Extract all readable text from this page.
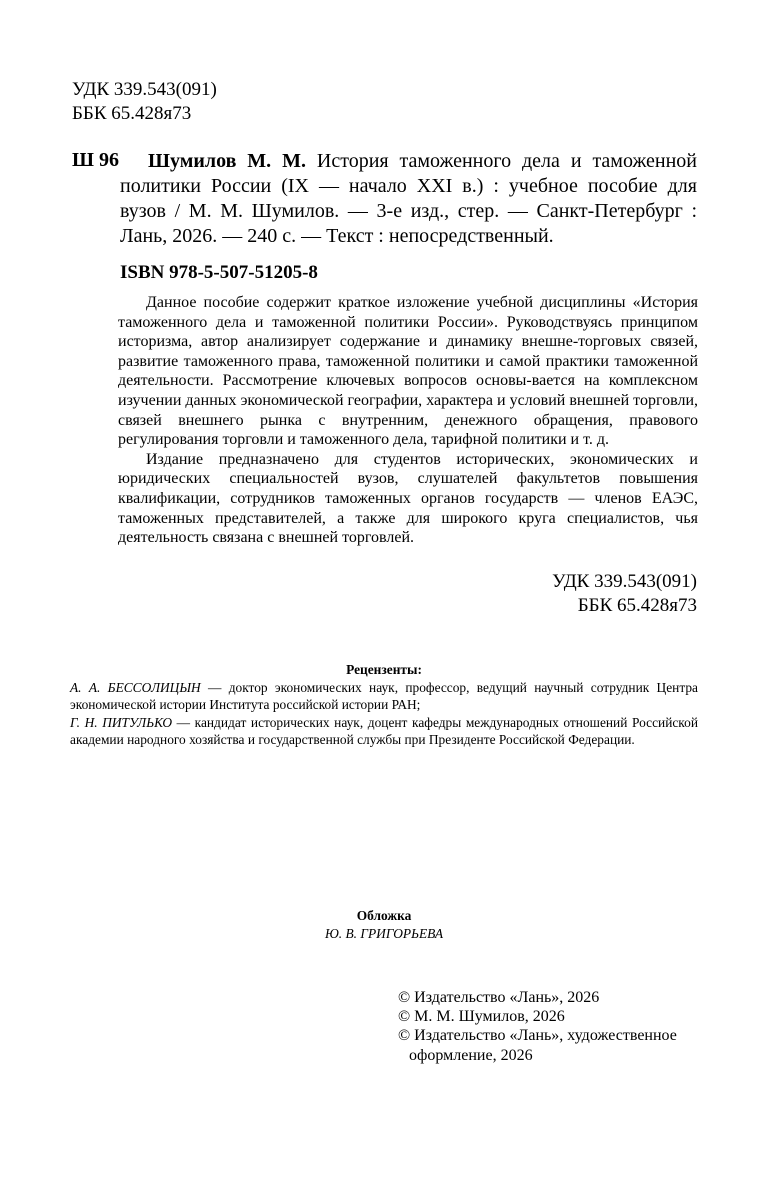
УДК 339.543(091)
ББК 65.428я73
Ш 96	Шумилов М. М. История таможенного дела и таможенной политики России (IX — начало XXI в.) : учебное пособие для вузов / М. М. Шумилов. — 3-е изд., стер. — Санкт-Петербург : Лань, 2026. — 240 с. — Текст : непосредственный.
ISBN 978-5-507-51205-8

Данное пособие содержит краткое изложение учебной дисциплины «История таможенного дела и таможенной политики России». Руководствуясь принципом историзма, автор анализирует содержание и динамику внешне-торговых связей, развитие таможенного права, таможенной политики и самой практики таможенной деятельности. Рассмотрение ключевых вопросов основы-вается на комплексном изучении данных экономической географии, характера и условий внешней торговли, связей внешнего рынка с внутренним, денежного обращения, правового регулирования торговли и таможенного дела, тарифной политики и т. д.

Издание предназначено для студентов исторических, экономических и юридических специальностей вузов, слушателей факультетов повышения квалификации, сотрудников таможенных органов государств — членов ЕАЭС, таможенных представителей, а также для широкого круга специалистов, чья деятельность связана с внешней торговлей.

УДК 339.543(091)
ББК 65.428я73
Рецензенты:

А. А. БЕССОЛИЦЫН — доктор экономических наук, профессор, ведущий научный сотрудник Центра экономической истории Института российской истории РАН;

Г. Н. ПИТУЛЬКО — кандидат исторических наук, доцент кафедры международных отношений Российской академии народного хозяйства и государственной службы при Президенте Российской Федерации.

Обложка
Ю. В. ГРИГОРЬЕВА
© Издательство «Лань», 2026
© М. М. Шумилов, 2026
© Издательство «Лань», художественное
оформление, 2026
